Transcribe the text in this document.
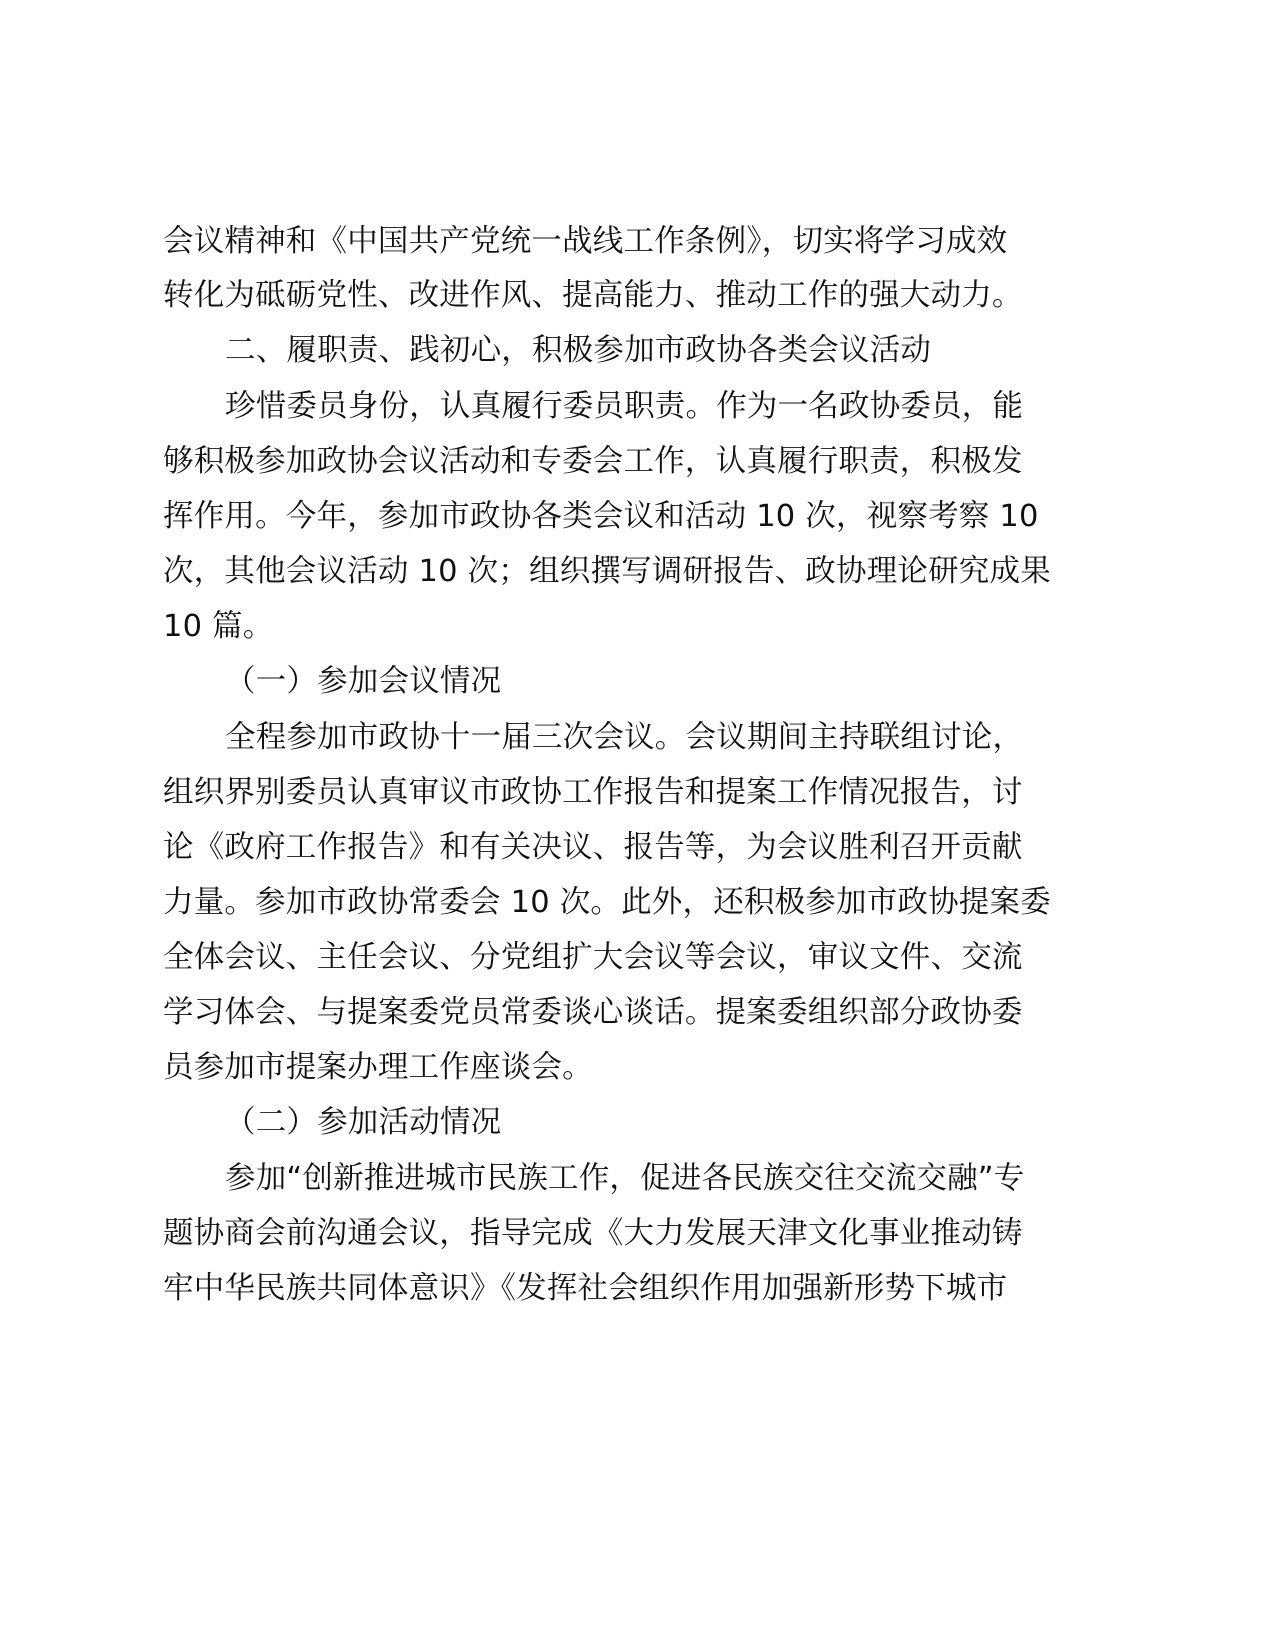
会议精神和《中国共产党统一战线工作条例》，切实将学习成效
转化为砥砺党性、改进作风、提高能力、推动工作的强大动力。
二、履职责、践初心，积极参加市政协各类会议活动
珍惜委员身份，认真履行委员职责。作为一名政协委员，能
够积极参加政协会议活动和专委会工作，认真履行职责，积极发
挥作用。今年，参加市政协各类会议和活动 10 次，视察考察 10
次，其他会议活动 10 次；组织撰写调研报告、政协理论研究成果
10 篇。
（一）参加会议情况
全程参加市政协十一届三次会议。会议期间主持联组讨论，
组织界别委员认真审议市政协工作报告和提案工作情况报告，讨
论《政府工作报告》和有关决议、报告等，为会议胜利召开贡献
力量。参加市政协常委会 10 次。此外，还积极参加市政协提案委
全体会议、主任会议、分党组扩大会议等会议，审议文件、交流
学习体会、与提案委党员常委谈心谈话。提案委组织部分政协委
员参加市提案办理工作座谈会。
（二）参加活动情况
参加“创新推进城市民族工作，促进各民族交往交流交融”专
题协商会前沟通会议，指导完成《大力发展天津文化事业推动铸
牢中华民族共同体意识》《发挥社会组织作用加强新形势下城市
